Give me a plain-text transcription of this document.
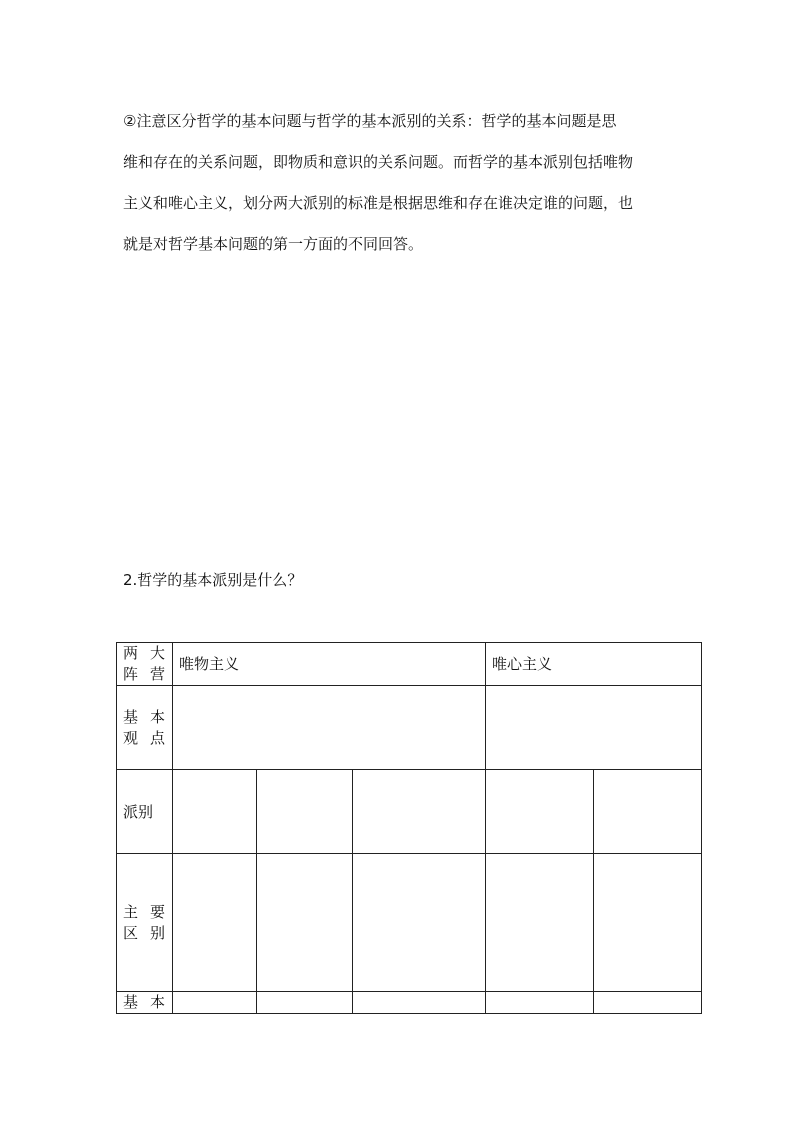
②注意区分哲学的基本问题与哲学的基本派别的关系：哲学的基本问题是思
维和存在的关系问题，即物质和意识的关系问题。而哲学的基本派别包括唯物
主义和唯心主义，划分两大派别的标准是根据思维和存在谁决定谁的问题，也
就是对哲学基本问题的第一方面的不同回答。
2.哲学的基本派别是什么？
两 大
阵营	唯物主义			唯心主义	

基 本
观点					

派别					

主 要
区别					

基 本					
